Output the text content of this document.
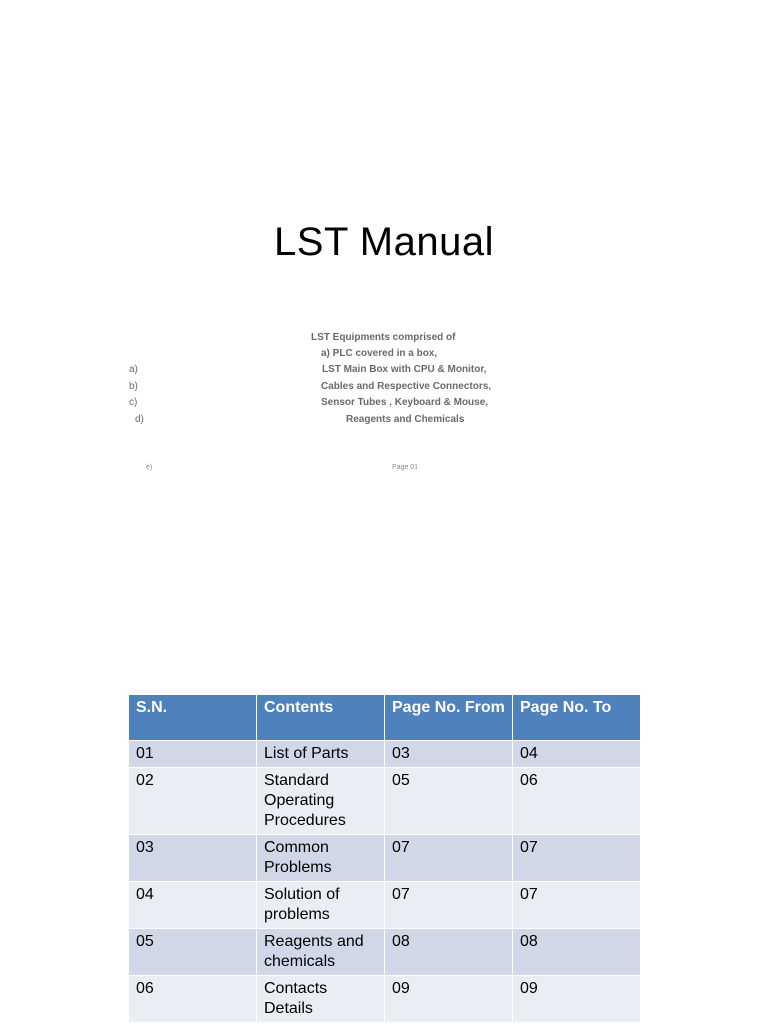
LST Manual
LST Equipments comprised of
a) PLC covered in a box,
a)	LST Main Box with CPU & Monitor,
b)	Cables and Respective Connectors,
c)	Sensor Tubes , Keyboard & Mouse,
d)	Reagents and Chemicals
e)	Page 01
S.N.	Contents	Page No. From	Page No. To
01	List of Parts	03	04
02	Standard Operating Procedures	05	06
03	Common Problems	07	07
04	Solution of problems	07	07
05	Reagents and chemicals	08	08
06	Contacts Details	09	09
